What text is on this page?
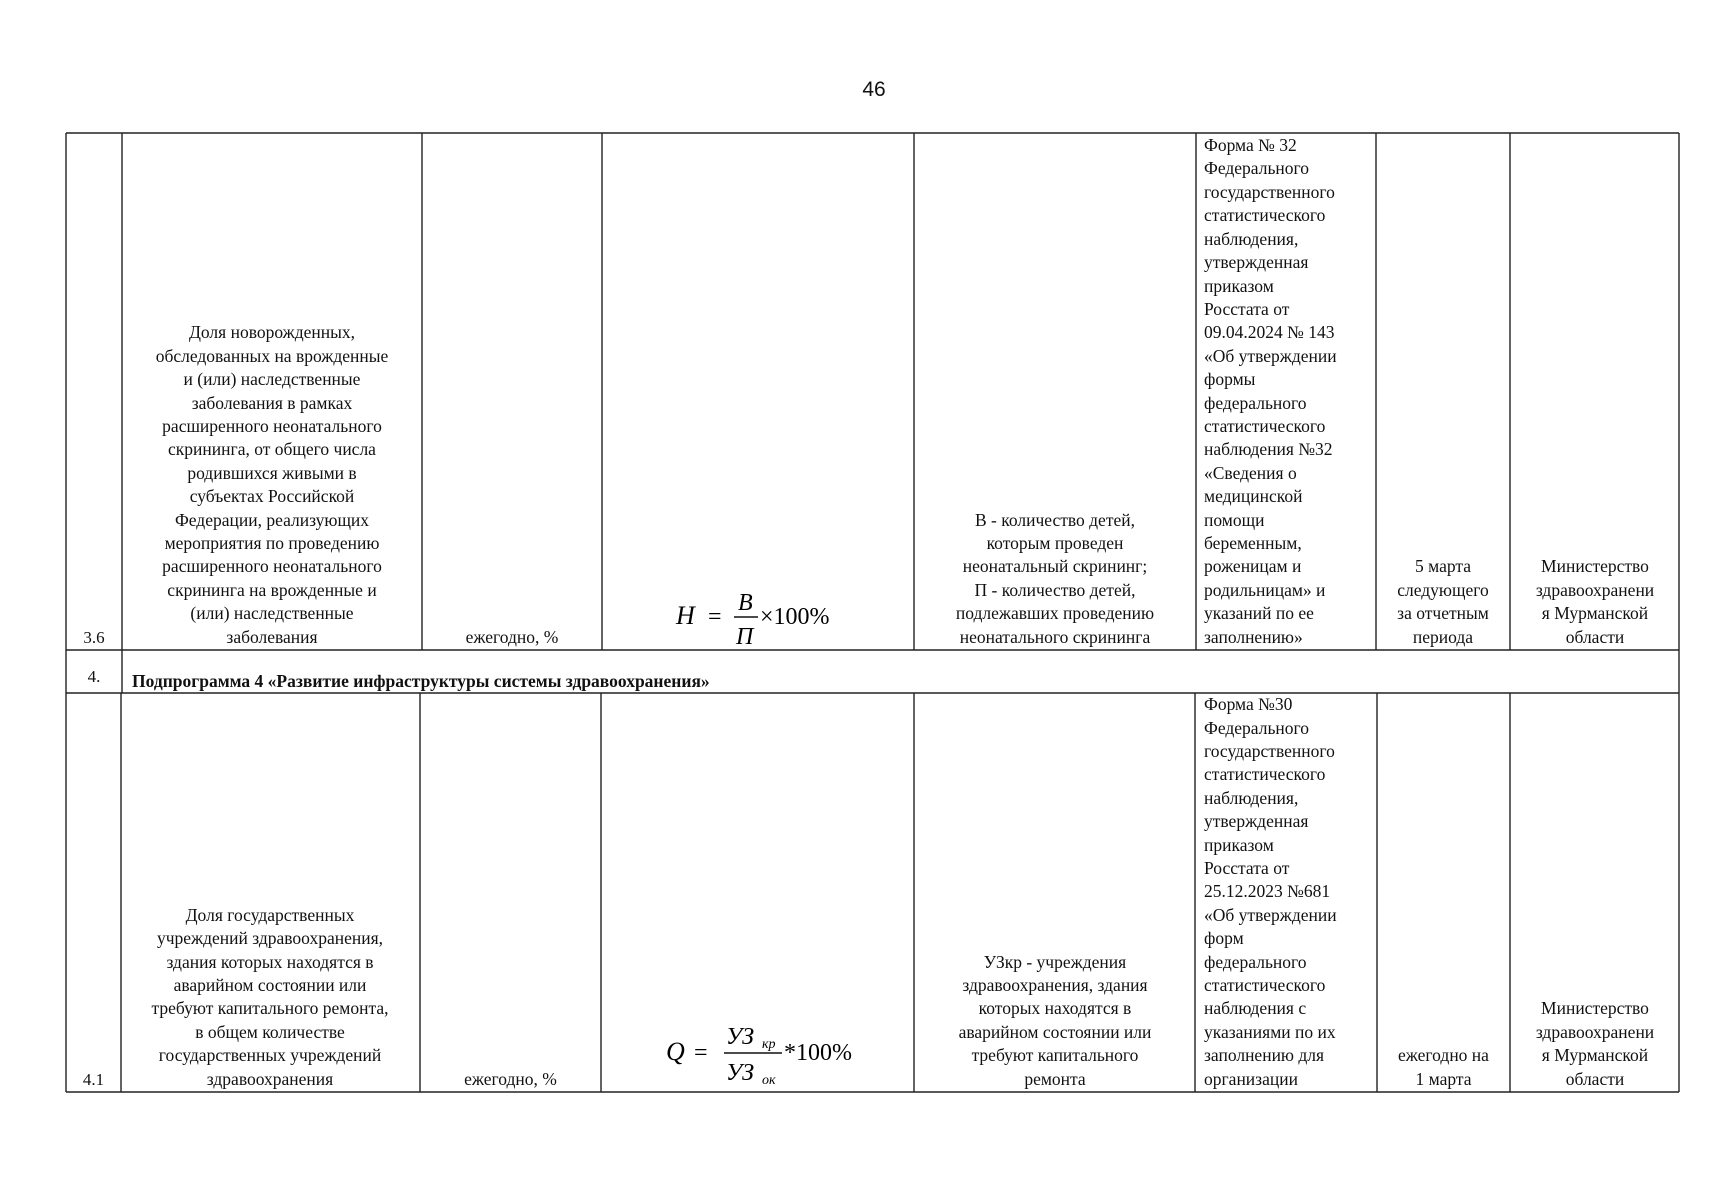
46
3.6
Доля новорожденных,
обследованных на врожденные
и (или) наследственные
заболевания в рамках
расширенного неонатального
скрининга, от общего числа
родившихся живыми в
субъектах Российской
Федерации, реализующих
мероприятия по проведению
расширенного неонатального
скрининга на врожденные и
(или) наследственные
заболевания	ежегодно, %
H =
B
П
×100%
В - количество детей,
которым проведен
неонатальный скрининг;
П - количество детей,
подлежавших проведению
неонатального скрининга
Форма № 32
Федерального
государственного
статистического
наблюдения,
утвержденная
приказом
Росстата от
09.04.2024 № 143
«Об утверждении
формы
федерального
статистического
наблюдения №32
«Сведения о
медицинской
помощи
беременным,
роженицам и
родильницам» и
указаний по ее
заполнению»
5 марта
следующего
за отчетным
периода
Министерство
здравоохранени
я Мурманской
области
4. Подпрограмма 4 «Развитие инфраструктуры системы здравоохранения»
4.1
Доля государственных
учреждений здравоохранения,
здания которых находятся в
аварийном состоянии или
требуют капитального ремонта,
в общем количестве
государственных учреждений
здравоохранения	ежегодно, %
Q =
УЗ кр
УЗ ок
*100%
УЗкр - учреждения
здравоохранения, здания
которых находятся в
аварийном состоянии или
требуют капитального
ремонта
Форма №30
Федерального
государственного
статистического
наблюдения,
утвержденная
приказом
Росстата от
25.12.2023 №681
«Об утверждении
форм
федерального
статистического
наблюдения с
указаниями по их
заполнению для
организации
ежегодно на
1 марта
Министерство
здравоохранени
я Мурманской
области
